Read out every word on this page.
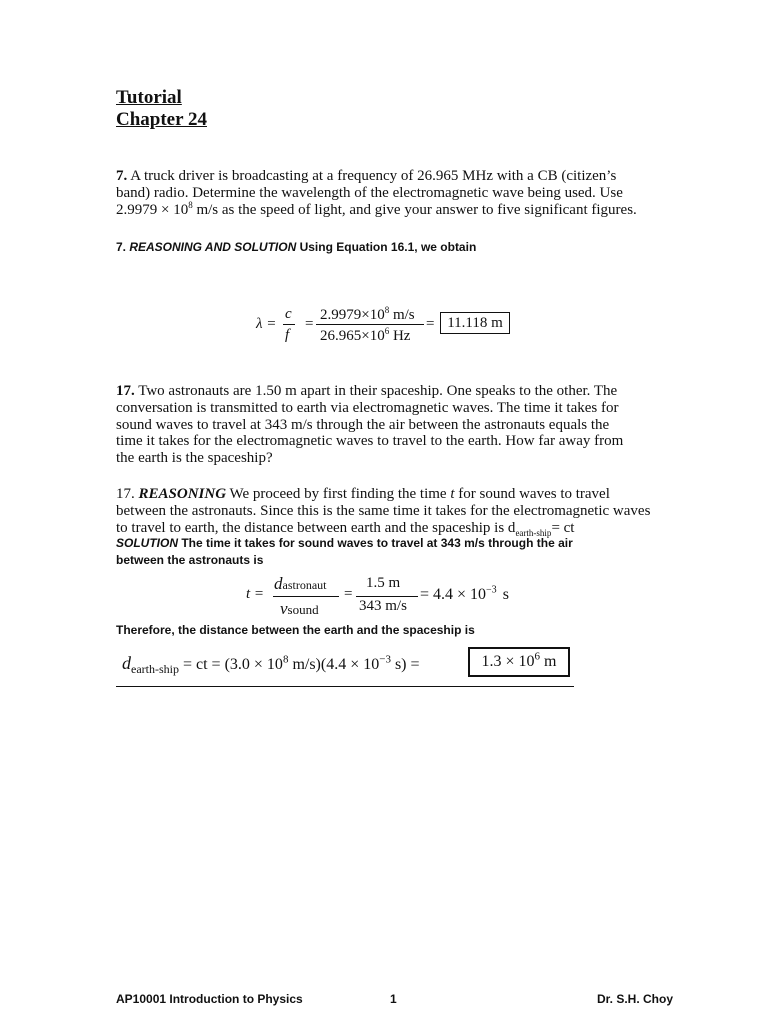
Tutorial
Chapter 24
7. A truck driver is broadcasting at a frequency of 26.965 MHz with a CB (citizen’s
band) radio. Determine the wavelength of the electromagnetic wave being used. Use
$2.9979 \times 10^8$ m/s as the speed of light, and give your answer to five significant figures.
7. REASONING AND SOLUTION Using Equation 16.1, we obtain
λ =
c
f
=
$2.9979\times 10^8$ m/s
$26.965\times 10^6$ Hz
= 11.118 m
17. Two astronauts are 1.50 m apart in their spaceship. One speaks to the other. The
conversation is transmitted to earth via electromagnetic waves. The time it takes for
sound waves to travel at 343 m/s through the air between the astronauts equals the
time it takes for the electromagnetic waves to travel to the earth. How far away from
the earth is the spaceship?
17. REASONING We proceed by first finding the time t for sound waves to travel
between the astronauts. Since this is the same time it takes for the electromagnetic waves
to travel to earth, the distance between earth and the spaceship is $d_{earth-ship}=$ ct
SOLUTION The time it takes for sound waves to travel at 343 m/s through the air
between the astronauts is
t =
dastronaut
vsound
=
1.5 m
343 m/s
= $4.4 \times 10^{-3}$ s
Therefore, the distance between the earth and the spaceship is
$d_{earth-ship}$ = ct = ($3.0 \times 10^8$ $m/s)(4.4 \times 10^{-3}$ s) =	$1.3 \times 10^6$ m
AP10001 Introduction to Physics	1	Dr. S.H. Choy
